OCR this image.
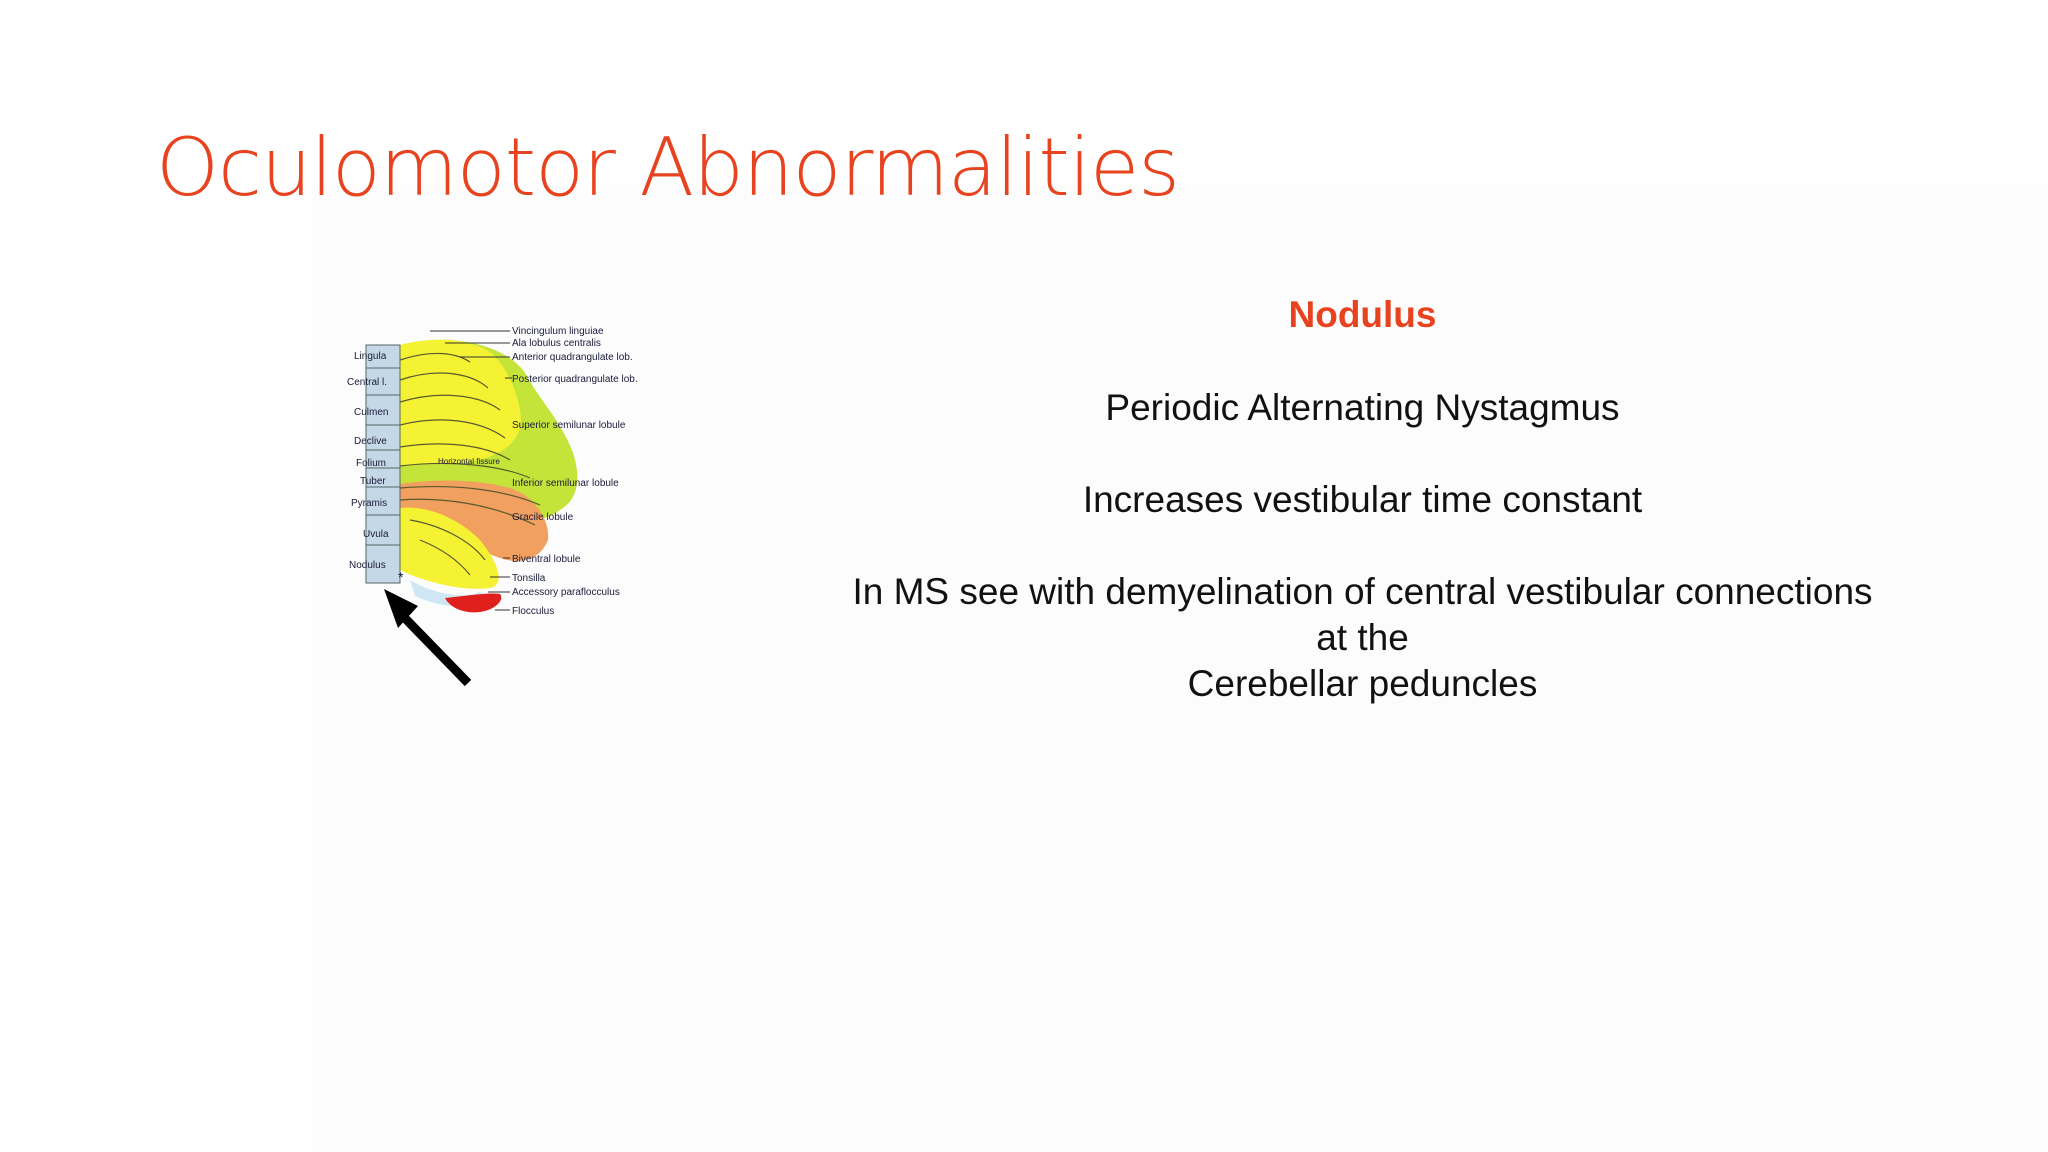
Oculomotor Abnormalities
Lingula
Central l.
Culmen
Declive
Folium
Tuber
Pyramis
Uvula
Nodulus
Vincingulum linguiae
Ala lobulus centralis
Anterior quadrangulate lob.
Posterior quadrangulate lob.
Superior semilunar lobule
Inferior semilunar lobule
Gracile lobule
Biventral lobule
Tonsilla
Accessory paraflocculus
Flocculus
Horizontal fissure
*
Nodulus
Periodic Alternating Nystagmus
Increases vestibular time constant
In MS see with demyelination of central vestibular connections
at the
Cerebellar peduncles
